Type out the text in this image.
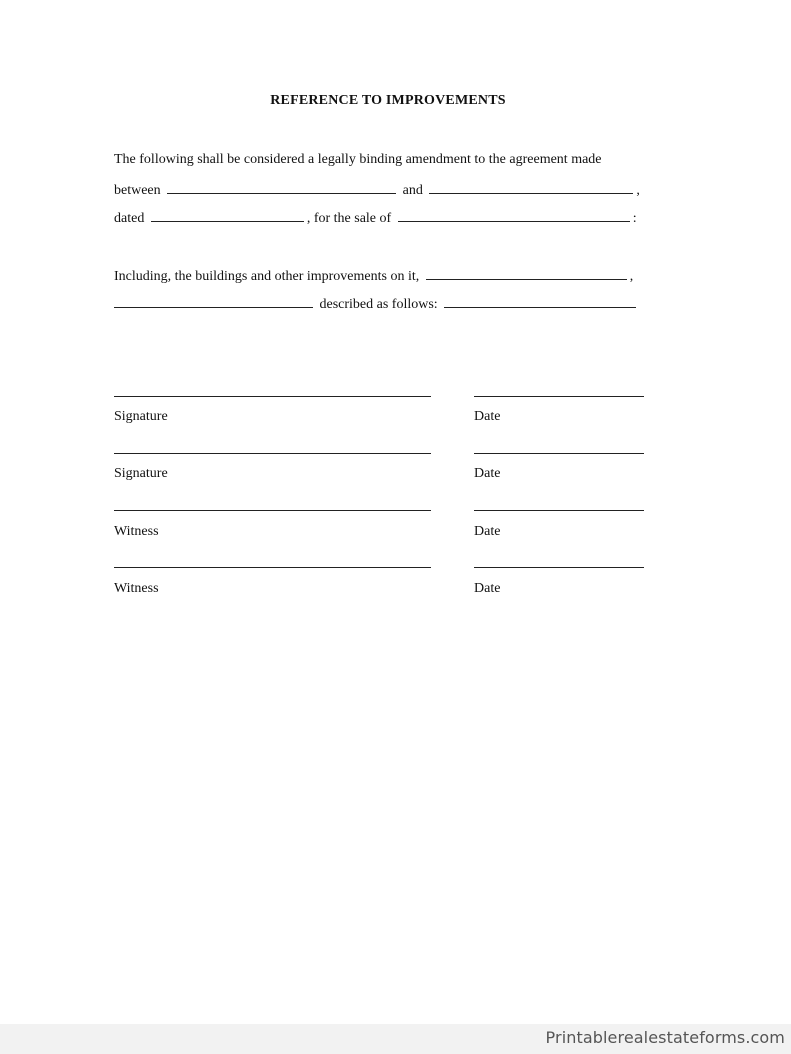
REFERENCE TO IMPROVEMENTS
The following shall be considered a legally binding amendment to the agreement made
between	and	,
dated	, for the sale of	:
Including, the buildings and other improvements on it,	,
described as follows:
Signature	Date
Signature	Date
Witness	Date
Witness	Date
Printablerealestateforms.com
